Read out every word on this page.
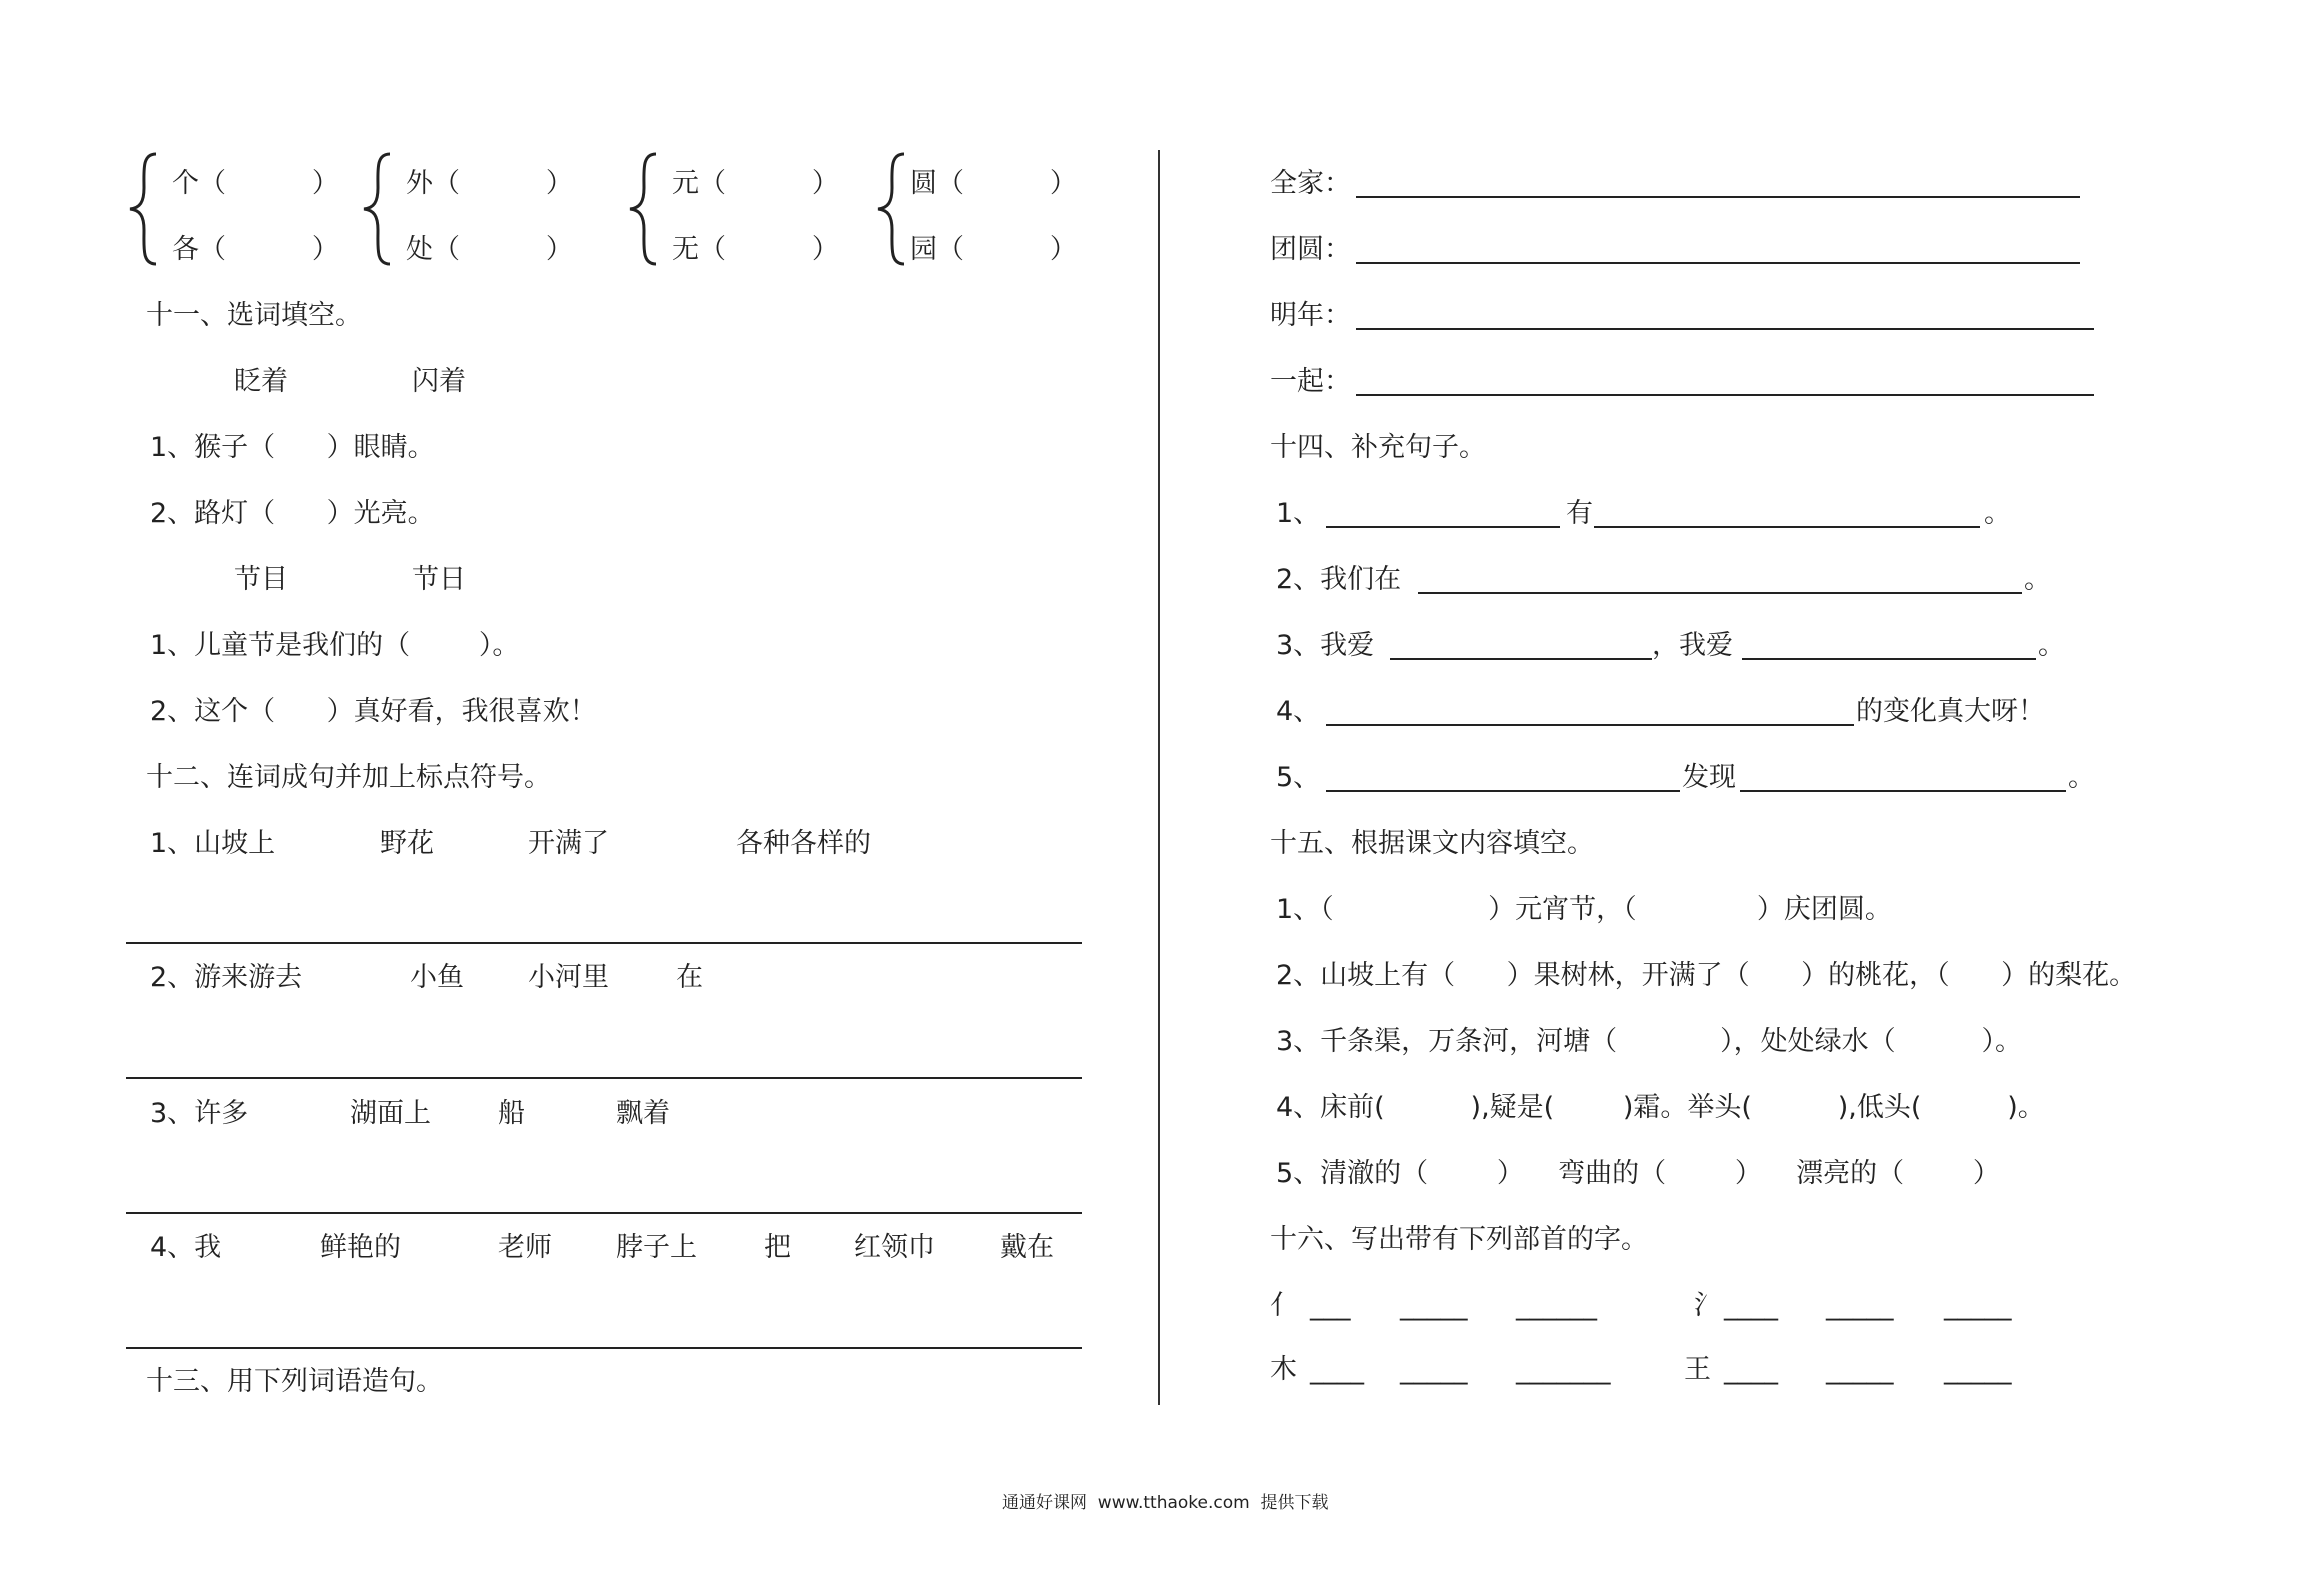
个（          ）
各（          ）
外（          ）
处（          ）
元（          ）
无（          ）
圆（          ）
园（          ）
十一、选词填空。
眨着	闪着
1、猴子（      ）眼睛。
2、路灯（      ）光亮。
节目	节日
1、儿童节是我们的（        ）。
2、这个（      ）真好看，我很喜欢！
十二、连词成句并加上标点符号。
1、山坡上	野花	开满了	各种各样的
2、游来游去	小鱼 小河里 在
3、许多	湖面上 船	飘着
4、我	鲜艳的	老师 脖子上 把 红领巾 戴在
十三、用下列词语造句。
全家：
团圆：
明年：
一起：
十四、补充句子。
1、	有	。
2、我们在	。
3、我爱	，我爱	。
4、	的变化真大呀！
5、	发现	。
十五、根据课文内容填空。
1、（                  ）元宵节，（              ）庆团圆。
2、山坡上有（      ）果树林，开满了（      ）的桃花，（      ）的梨花。
3、千条渠，万条河，河塘（            ），处处绿水（          ）。
4、床前(          ),疑是(        )霜。举头(          ),低头(          )。
5、清澈的（        ）    弯曲的（        ）    漂亮的（        ）
十六、写出带有下列部首的字。
亻 ___ _____ ______	氵 ____ _____ _____
木 ____ _____ _______	王 ____ _____ _____
通通好课网  www.tthaoke.com  提供下载
